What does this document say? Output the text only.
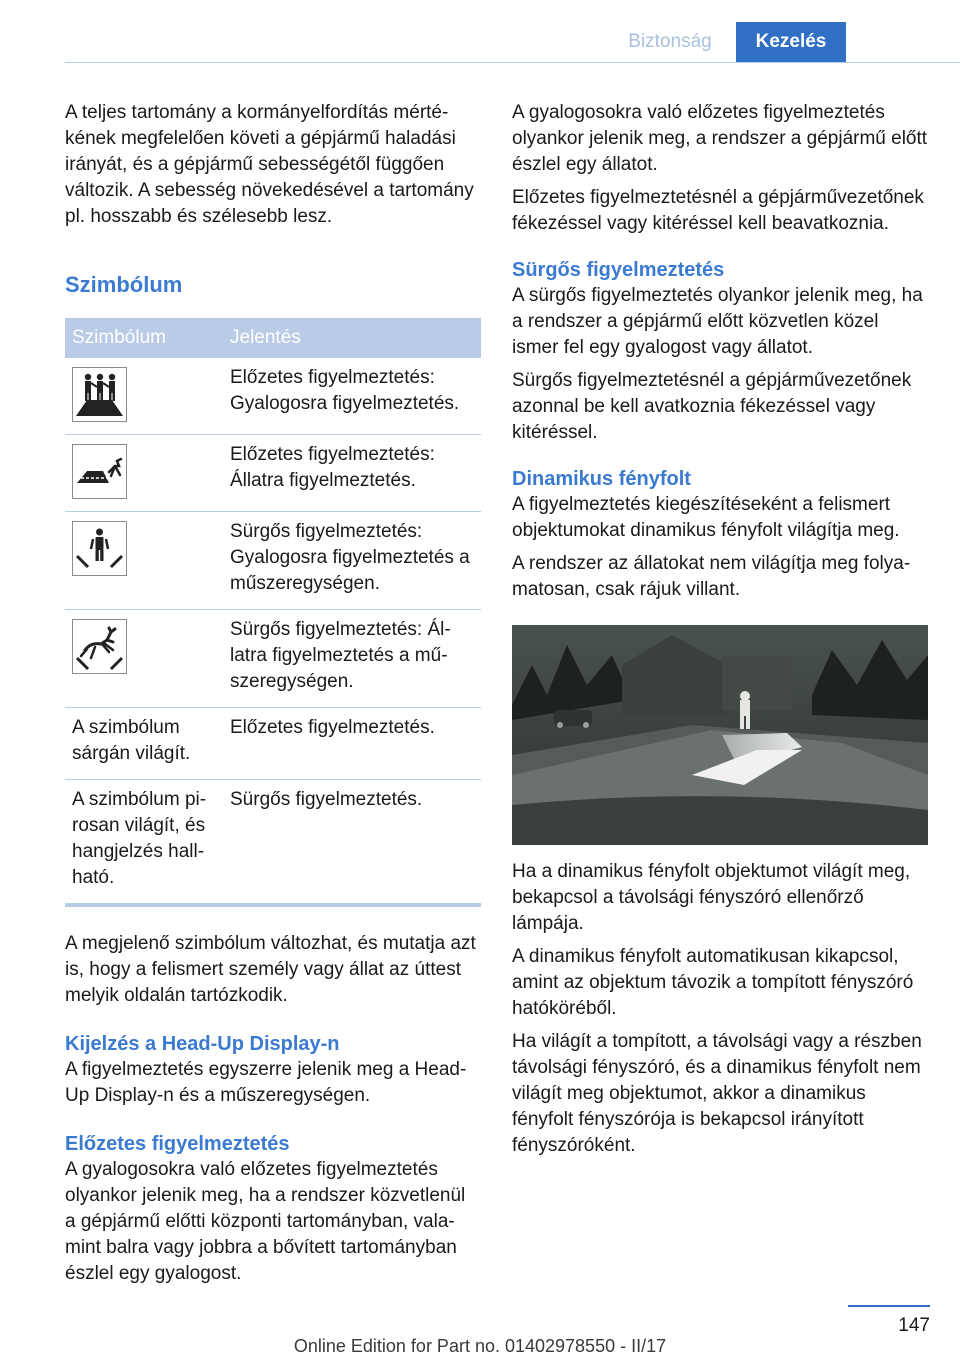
Biztonság	Kezelés

A teljes tartomány a kormányelfordítás mértékének megfelelően követi a gépjármű haladási irányát, és a gépjármű sebességétől függően változik. A sebesség növekedésével a tartomány pl. hosszabb és szélesebb lesz.

Szimbólum
Szimbólum	Jelentés

	Előzetes figyelmeztetés: Gyalogosra figyelmeztetés.

	Előzetes figyelmeztetés: Állatra figyelmeztetés.

	Sürgős figyelmeztetés: Gyalogosra figyelmeztetés a műszeregységen.

	Sürgős figyelmeztetés: Állatra figyelmeztetés a műszeregységen.
A szimbólum sárgán világít.	Előzetes figyelmeztetés.
A szimbólum pirosan világít, és hangjelzés hallható.	Sürgős figyelmeztetés.

A megjelenő szimbólum változhat, és mutatja azt is, hogy a felismert személy vagy állat az úttest melyik oldalán tartózkodik.

Kijelzés a Head-Up Display-n

A figyelmeztetés egyszerre jelenik meg a Head-Up Display-n és a műszeregységen.

Előzetes figyelmeztetés

A gyalogosokra való előzetes figyelmeztetés olyankor jelenik meg, ha a rendszer közvetlenül a gépjármű előtti központi tartományban, valamint balra vagy jobbra a bővített tartományban észlel egy gyalogost.

A gyalogosokra való előzetes figyelmeztetés olyankor jelenik meg, a rendszer a gépjármű előtt észlel egy állatot.

Előzetes figyelmeztetésnél a gépjárművezetőnek fékezéssel vagy kitéréssel kell beavatkoznia.

Sürgős figyelmeztetés

A sürgős figyelmeztetés olyankor jelenik meg, ha a rendszer a gépjármű előtt közvetlen közel ismer fel egy gyalogost vagy állatot.

Sürgős figyelmeztetésnél a gépjárművezetőnek azonnal be kell avatkoznia fékezéssel vagy kitéréssel.

Dinamikus fényfolt

A figyelmeztetés kiegészítéseként a felismert objektumokat dinamikus fényfolt világítja meg.

A rendszer az állatokat nem világítja meg folyamatosan, csak rájuk villant.

Ha a dinamikus fényfolt objektumot világít meg, bekapcsol a távolsági fényszóró ellenőrző lámpája.

A dinamikus fényfolt automatikusan kikapcsol, amint az objektum távozik a tompított fényszóró hatóköréből.

Ha világít a tompított, a távolsági vagy a részben távolsági fényszóró, és a dinamikus fényfolt nem világít meg objektumot, akkor a dinamikus fényfolt fényszórója is bekapcsol irányított fényszóróként.

147
Online Edition for Part no. 01402978550 - II/17
